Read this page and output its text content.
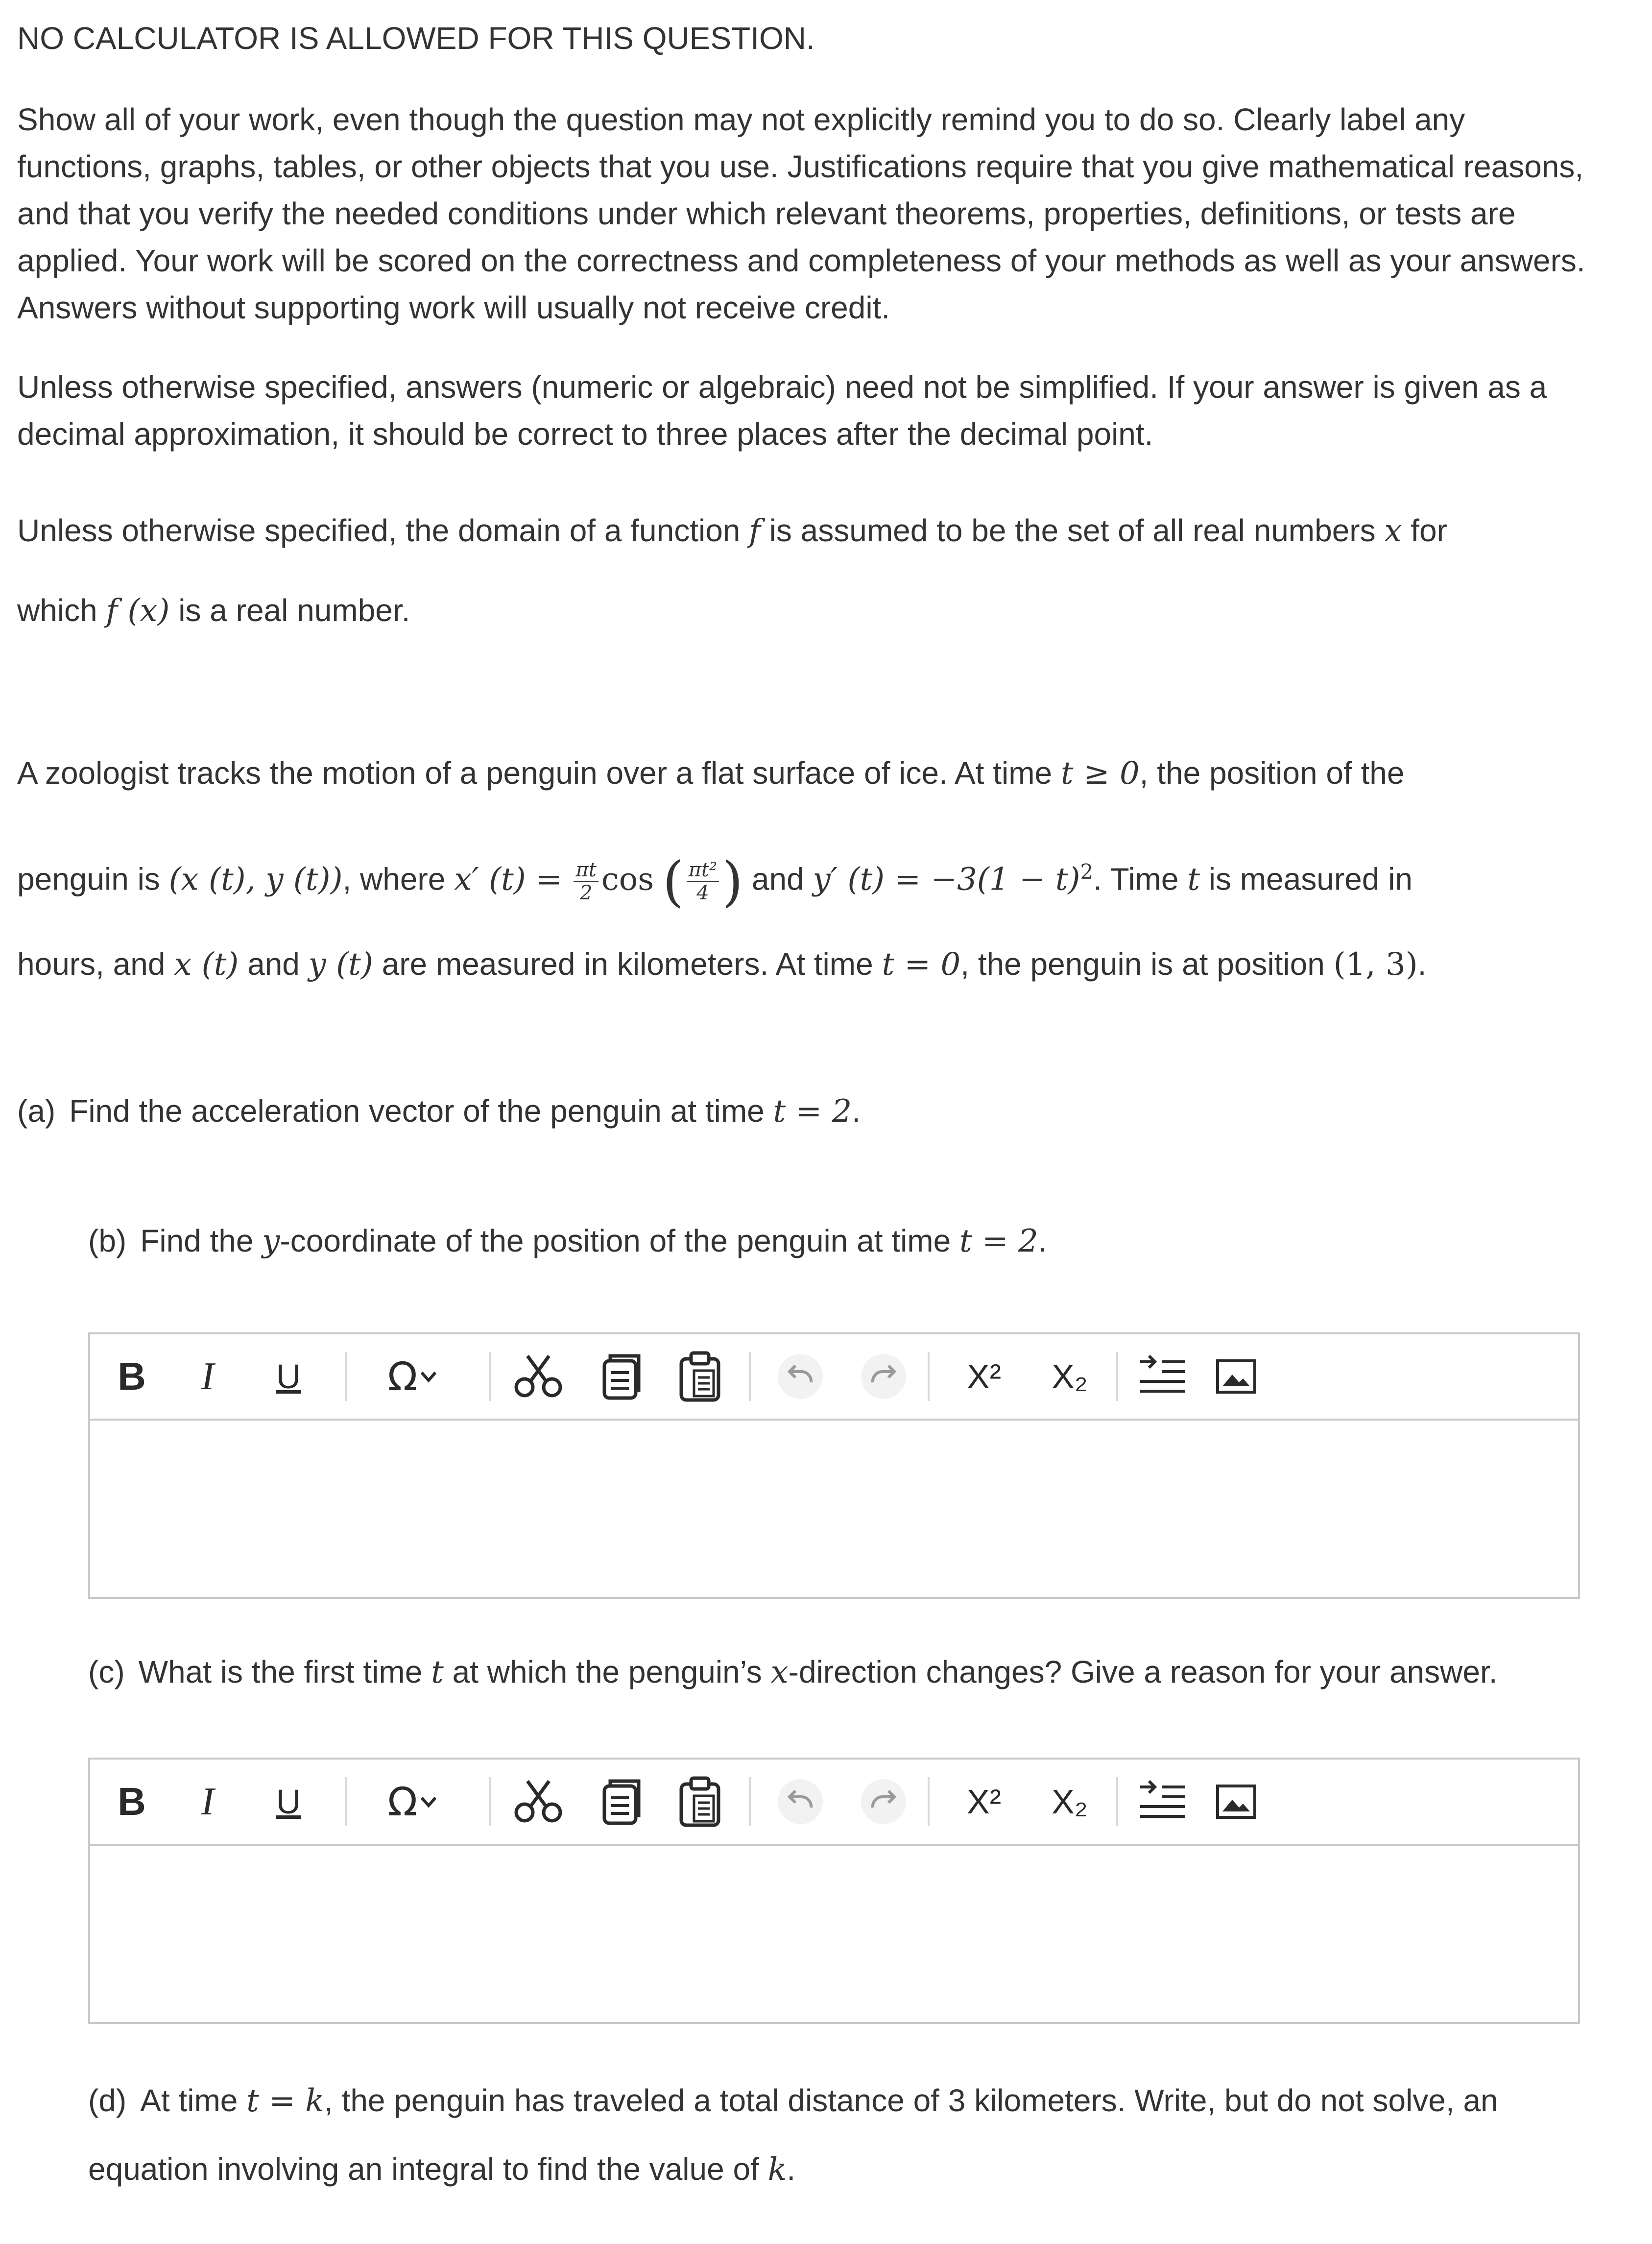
NO CALCULATOR IS ALLOWED FOR THIS QUESTION.
Show all of your work, even though the question may not explicitly remind you to do so. Clearly label any functions, graphs, tables, or other objects that you use. Justifications require that you give mathematical reasons, and that you verify the needed conditions under which relevant theorems, properties, definitions, or tests are applied. Your work will be scored on the correctness and completeness of your methods as well as your answers. Answers without supporting work will usually not receive credit.
Unless otherwise specified, answers (numeric or algebraic) need not be simplified. If your answer is given as a decimal approximation, it should be correct to three places after the decimal point.
Unless otherwise specified, the domain of a function f is assumed to be the set of all real numbers x for
which f (x) is a real number.
A zoologist tracks the motion of a penguin over a flat surface of ice. At time t ≥ 0, the position of the
penguin is (x (t), y (t)), where x′ $(t) = \frac{\pi t}{2}$ cos ( $\frac{\text{πt²}}{4}$ ) and y′ $(t) = -3(1 - t)^2$. Time t is measured in
hours, and x (t) and y (t) are measured in kilometers. At time t = 0, the penguin is at position (1, 3).
(a) Find the acceleration vector of the penguin at time t = 2.
(b) Find the y-coordinate of the position of the penguin at time t = 2.
B I U Ω	X²	X₂
(c) What is the first time t at which the penguin’s x-direction changes? Give a reason for your answer.
B I U Ω	X²	X₂
(d) At time t = k, the penguin has traveled a total distance of 3 kilometers. Write, but do not solve, an
equation involving an integral to find the value of k.
